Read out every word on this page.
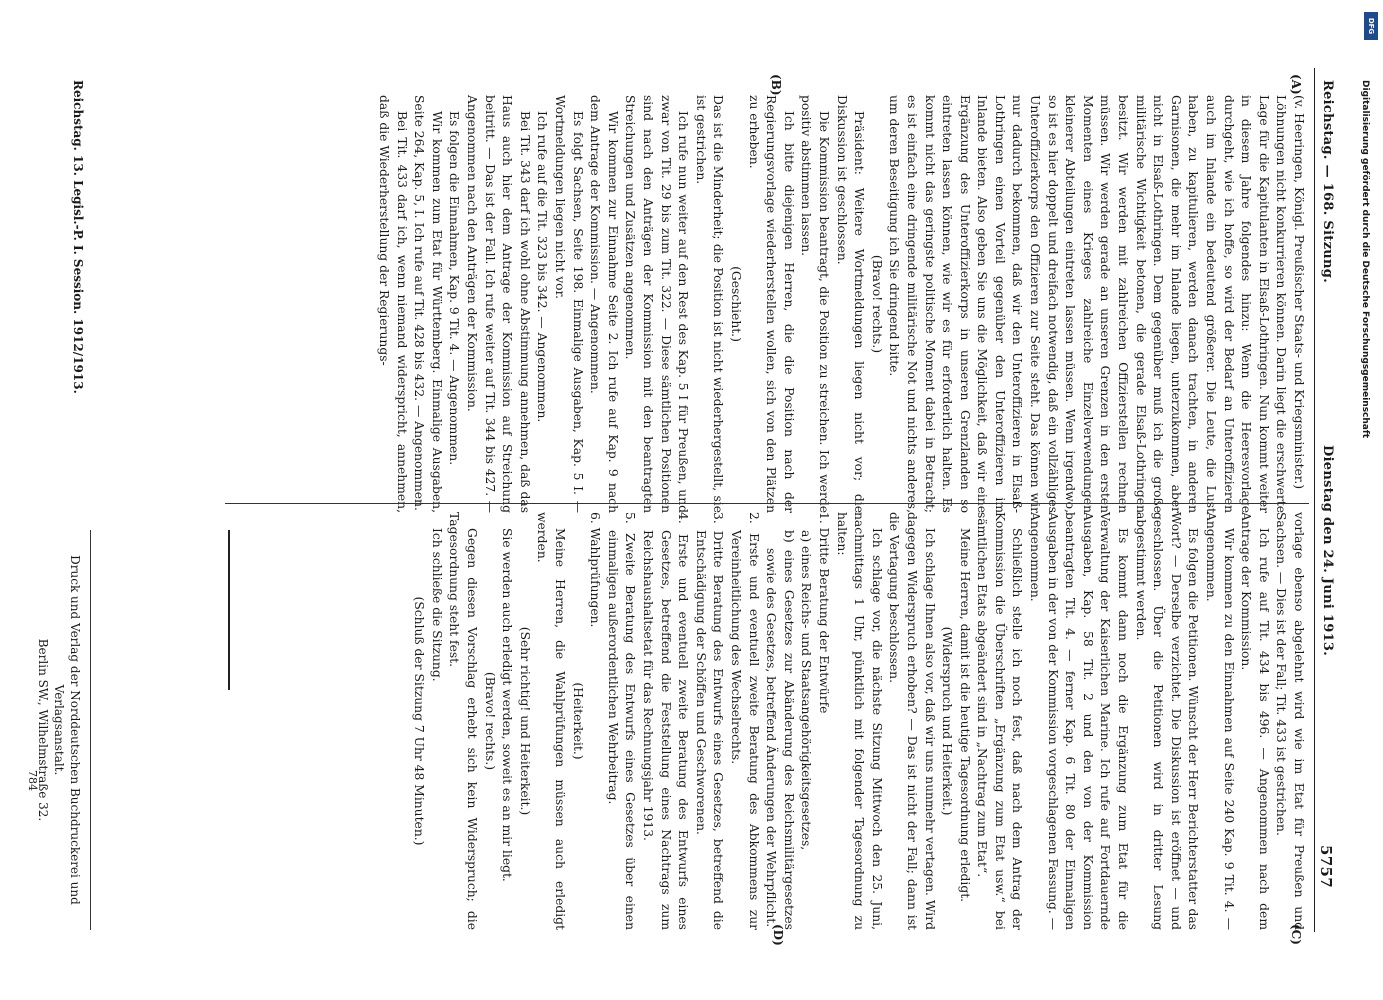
Reichstag. — 168. Sitzung.
Dienstag den 24. Juni 1913.
5757
(A)
(B)
(C)
(D)

(v. Heeringen, Königl. Preußischer Staats- und Kriegsminister.)

Löhnungen nicht konkurrieren können. Darin liegt die erschwerte Lage für die Kapitulanten in Elsaß-Lothringen. Nun kommt weiter in diesem Jahre folgendes hinzu: Wenn die Heeresvorlage durchgeht, wie ich hoffe, so wird der Bedarf an Unteroffizieren auch im Inlande ein bedeutend größerer. Die Leute, die Lust haben, zu kapitulieren, werden danach trachten, in anderen Garnisonen, die mehr im Inlande liegen, unterzukommen, aber nicht in Elsaß-Lothringen. Dem gegenüber muß ich die große militärische Wichtigkeit betonen, die gerade Elsaß-Lothringen besitzt. Wir werden mit zahlreichen Offizierstellen rechnen müssen. Wir werden gerade an unseren Grenzen in den ersten Momenten eines Krieges zahlreiche Einzelverwendungen kleinerer Abteilungen eintreten lassen müssen. Wenn irgendwo, so ist es hier doppelt und dreifach notwendig, daß ein vollzähliges Unteroffizierkorps den Offizieren zur Seite steht. Das können wir nur dadurch bekommen, daß wir den Unteroffizieren in Elsaß-Lothringen einen Vorteil gegenüber den Unteroffizieren im Inlande bieten. Also geben Sie uns die Möglichkeit, daß wir eine Ergänzung des Unteroffizierkorps in unseren Grenzlanden so eintreten lassen können, wie wir es für erforderlich halten. Es kommt nicht das geringste politische Moment dabei in Betracht; es ist einfach eine dringende militärische Not und nichts anderes, um deren Beseitigung ich Sie dringend bitte.

(Bravo! rechts.)

Präsident: Weitere Wortmeldungen liegen nicht vor; die Diskussion ist geschlossen.

Die Kommission beantragt, die Position zu streichen. Ich werde positiv abstimmen lassen.

Ich bitte diejenigen Herren, die die Position nach der Regierungsvorlage wiederherstellen wollen, sich von den Plätzen zu erheben.

(Geschieht.)

Das ist die Minderheit; die Position ist nicht wiederhergestellt, sie ist gestrichen.

Ich rufe nun weiter auf den Rest des Kap. 5 I für Preußen, und zwar von Tit. 29 bis zum Tit. 322. — Diese sämtlichen Positionen sind nach den Anträgen der Kommission mit den beantragten Streichungen und Zusätzen angenommen.

Wir kommen zur Einnahme Seite 2. Ich rufe auf Kap. 9 nach dem Antrage der Kommission. — Angenommen.

Es folgt Sachsen, Seite 198. Einmalige Ausgaben, Kap. 5 I. — Wortmeldungen liegen nicht vor.

Ich rufe auf die Tit. 323 bis 342. — Angenommen.

Bei Tit. 343 darf ich wohl ohne Abstimmung annehmen, daß das Haus auch hier dem Antrage der Kommission auf Streichung beitritt. — Das ist der Fall. Ich rufe weiter auf Tit. 344 bis 427. — Angenommen nach den Anträgen der Kommission.

Es folgen die Einnahmen, Kap. 9 Tit. 4. — Angenommen.

Wir kommen zum Etat für Württemberg. Einmalige Ausgaben, Seite 264, Kap. 5, I. Ich rufe auf Tit. 428 bis 432. — Angenommen.

Bei Tit. 433 darf ich, wenn niemand widerspricht, annehmen, daß die Wiederherstellung der Regierungs-

vorlage ebenso abgelehnt wird wie im Etat für Preußen und Sachsen. — Dies ist der Fall; Tit. 433 ist gestrichen.

Ich rufe auf Tit. 434 bis 496. — Angenommen nach dem Antrage der Kommission.

Wir kommen zu den Einnahmen auf Seite 240 Kap. 9 Tit. 4. — Angenommen.

Es folgen die Petitionen. Wünscht der Herr Berichterstatter das Wort? — Derselbe verzichtet. Die Diskussion ist eröffnet — und geschlossen. Über die Petitionen wird in dritter Lesung abgestimmt werden.

Es kommt dann noch die Ergänzung zum Etat für die Verwaltung der Kaiserlichen Marine. Ich rufe auf Fortdauernde Ausgaben, Kap. 58 Tit. 2 und den von der Kommission beantragten Tit. 4. — ferner Kap. 6 Tit. 80 der Einmaligen Ausgaben in der von der Kommission vorgeschlagenen Fassung. — Angenommen.

Schließlich stelle ich noch fest, daß nach dem Antrag der Kommission die Überschriften „Ergänzung zum Etat usw.“ bei sämtlichen Etats abgeändert sind in „Nachtrag zum Etat“.

Meine Herren, damit ist die heutige Tagesordnung erledigt.

(Widerspruch und Heiterkeit.)

Ich schlage Ihnen also vor, daß wir uns nunmehr vertagen. Wird dagegen Widerspruch erhoben? — Das ist nicht der Fall; dann ist die Vertagung beschlossen.

Ich schlage vor, die nächste Sitzung Mittwoch den 25. Juni, nachmittags 1 Uhr, pünktlich mit folgender Tagesordnung zu halten:

1. Dritte Beratung der Entwürfe

a) eines Reichs- und Staatsangehörigkeitsgesetzes,

b) eines Gesetzes zur Abänderung des Reichsmilitärgesetzes sowie des Gesetzes, betreffend Änderungen der Wehrpflicht.

2. Erste und eventuell zweite Beratung des Abkommens zur Vereinheitlichung des Wechselrechts.

3. Dritte Beratung des Entwurfs eines Gesetzes, betreffend die Entschädigung der Schöffen und Geschworenen.

4. Erste und eventuell zweite Beratung des Entwurfs eines Gesetzes, betreffend die Feststellung eines Nachtrags zum Reichshaushaltsetat für das Rechnungsjahr 1913.

5. Zweite Beratung des Entwurfs eines Gesetzes über einen einmaligen außerordentlichen Wehrbeitrag.

6. Wahlprüfungen.

(Heiterkeit.)

Meine Herren, die Wahlprüfungen müssen auch erledigt werden.

(Sehr richtig! und Heiterkeit.)

Sie werden auch erledigt werden, soweit es an mir liegt.

(Bravo! rechts.)

Gegen diesen Vorschlag erhebt sich kein Widerspruch; die Tagesordnung steht fest.

Ich schließe die Sitzung.

(Schluß der Sitzung 7 Uhr 48 Minuten.)

Reichstag. 13. Legisl.-P. I. Session. 1912/1913.
Druck und Verlag der Norddeutschen Buchdruckerei und Verlagsanstalt.
Berlin SW., Wilhelmstraße 32.
784
DFG
Digitalisierung gefördert durch die Deutsche Forschungsgemeinschaft
